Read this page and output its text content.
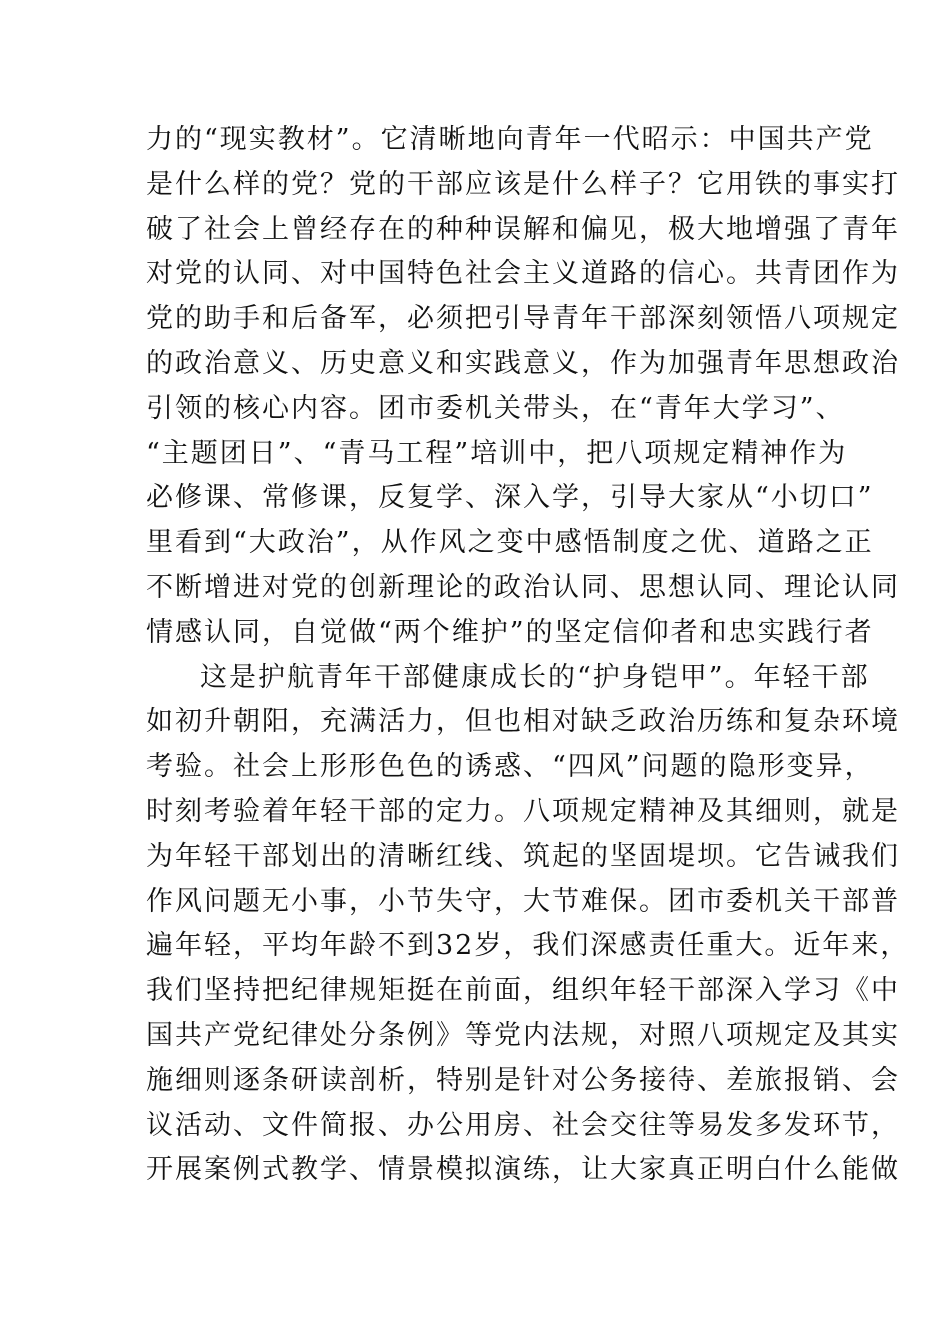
力的“现实教材”。它清晰地向青年一代昭示：中国共产党
是什么样的党？党的干部应该是什么样子？它用铁的事实打
破了社会上曾经存在的种种误解和偏见，极大地增强了青年
对党的认同、对中国特色社会主义道路的信心。共青团作为
党的助手和后备军，必须把引导青年干部深刻领悟八项规定
的政治意义、历史意义和实践意义，作为加强青年思想政治
引领的核心内容。团市委机关带头，在“青年大学习”、
“主题团日”、“青马工程”培训中，把八项规定精神作为
必修课、常修课，反复学、深入学，引导大家从“小切口”
里看到“大政治”，从作风之变中感悟制度之优、道路之正
不断增进对党的创新理论的政治认同、思想认同、理论认同
情感认同，自觉做“两个维护”的坚定信仰者和忠实践行者
这是护航青年干部健康成长的“护身铠甲”。年轻干部
如初升朝阳，充满活力，但也相对缺乏政治历练和复杂环境
考验。社会上形形色色的诱惑、“四风”问题的隐形变异，
时刻考验着年轻干部的定力。八项规定精神及其细则，就是
为年轻干部划出的清晰红线、筑起的坚固堤坝。它告诫我们
作风问题无小事，小节失守，大节难保。团市委机关干部普
遍年轻，平均年龄不到32岁，我们深感责任重大。近年来，
我们坚持把纪律规矩挺在前面，组织年轻干部深入学习《中
国共产党纪律处分条例》等党内法规，对照八项规定及其实
施细则逐条研读剖析，特别是针对公务接待、差旅报销、会
议活动、文件简报、办公用房、社会交往等易发多发环节，
开展案例式教学、情景模拟演练，让大家真正明白什么能做
